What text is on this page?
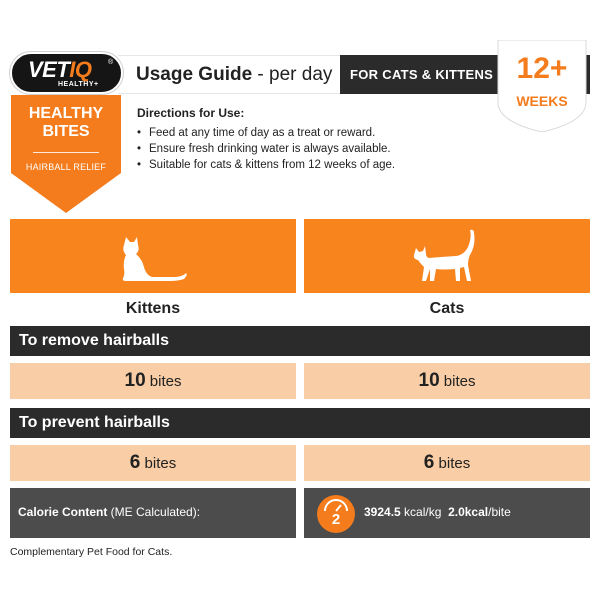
Usage Guide - per day FOR CATS & KITTENS
VETIQ ®
HEALTHY+
HEALTHY
BITES
HAIRBALL RELIEF
12+
WEEKS
Directions for Use:
• Feed at any time of day as a treat or reward.
• Ensure fresh drinking water is always available.
• Suitable for cats & kittens from 12 weeks of age.
Kittens	Cats
To remove hairballs
10 bites	10 bites
To prevent hairballs
6 bites	6 bites
Calorie Content (ME Calculated):	2	3924.5 kcal/kg 2.0kcal/bite
Complementary Pet Food for Cats.
